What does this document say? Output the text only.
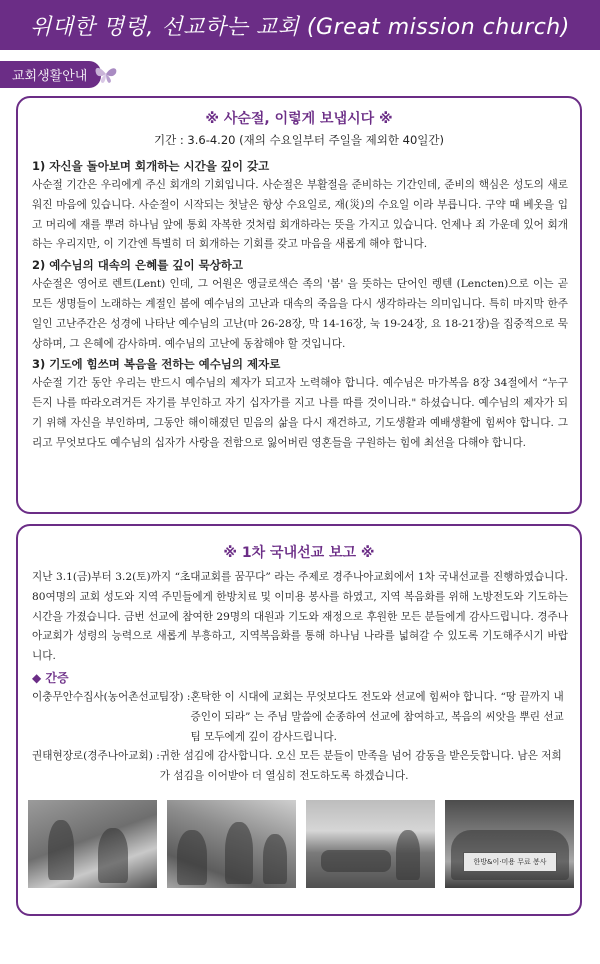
위대한 명령, 선교하는 교회 (Great mission church)
교회생활안내
※ 사순절, 이렇게 보냅시다 ※
기간 : 3.6-4.20 (재의 수요일부터 주일을 제외한 40일간)
1) 자신을 돌아보며 회개하는 시간을 깊이 갖고
사순절 기간은 우리에게 주신 회개의 기회입니다. 사순절은 부활절을 준비하는 기간인데, 준비의 핵심은 성도의 새로워진 마음에 있습니다. 사순절이 시작되는 첫날은 항상 수요일로, 재(災)의 수요일 이라 부릅니다. 구약 때 베옷을 입고 머리에 재를 뿌려 하나님 앞에 통회 자복한 것처럼 회개하라는 뜻을 가지고 있습니다. 언제나 죄 가운데 있어 회개하는 우리지만, 이 기간엔 특별히 더 회개하는 기회를 갖고 마음을 새롭게 해야 합니다.
2) 예수님의 대속의 은혜를 깊이 묵상하고
사순절은 영어로 렌트(Lent) 인데, 그 어원은 앵글로색슨 족의 '봄' 을 뜻하는 단어인 렝텐 (Lencten)으로 이는 곧 모든 생명들이 노래하는 계절인 봄에 예수님의 고난과 대속의 죽음을 다시 생각하라는 의미입니다. 특히 마지막 한주일인 고난주간은 성경에 나타난 예수님의 고난(마 26-28장, 막 14-16장, 눅 19-24장, 요 18-21장)을 집중적으로 묵상하며, 그 은혜에 감사하며. 예수님의 고난에 동참해야 할 것입니다.
3) 기도에 힘쓰며 복음을 전하는 예수님의 제자로
사순절 기간 동안 우리는 반드시 예수님의 제자가 되고자 노력해야 합니다. 예수님은 마가복음 8장 34절에서 “누구든지 나를 따라오려거든 자기를 부인하고 자기 십자가를 지고 나를 따를 것이니라." 하셨습니다. 예수님의 제자가 되기 위해 자신을 부인하며, 그동안 해이해졌던 믿음의 삶을 다시 재건하고, 기도생활과 예배생활에 힘써야 합니다. 그리고 무엇보다도 예수님의 십자가 사랑을 전함으로 잃어버린 영혼들을 구원하는 힘에 최선을 다해야 합니다.
※ 1차 국내선교 보고 ※
지난 3.1(금)부터 3.2(토)까지 “초대교회를 꿈꾸다” 라는 주제로 경주나아교회에서 1차 국내선교를 진행하였습니다. 80여명의 교회 성도와 지역 주민들에게 한방치료 및 이미용 봉사를 하였고, 지역 복음화를 위해 노방전도와 기도하는 시간을 가졌습니다. 금번 선교에 참여한 29명의 대원과 기도와 재정으로 후원한 모든 분들에게 감사드립니다. 경주나아교회가 성령의 능력으로 새롭게 부흥하고, 지역복음화를 통해 하나님 나라를 넓혀갈 수 있도록 기도해주시기 바랍니다.
◆ 간증
이충무안수집사(농어촌선교팀장) : 혼탁한 이 시대에 교회는 무엇보다도 전도와 선교에 힘써야 합니다. “땅 끝까지 내 증인이 되라” 는 주님 말씀에 순종하여 선교에 참여하고, 복음의 씨앗을 뿌린 선교팀 모두에게 깊이 감사드립니다.
권태현장로(경주나아교회) : 귀한 섬김에 감사합니다. 오신 모든 분들이 만족을 넘어 감동을 받은듯합니다. 남은 저희가 섬김을 이어받아 더 열심히 전도하도록 하겠습니다.
한방&이·미용 무료 봉사
